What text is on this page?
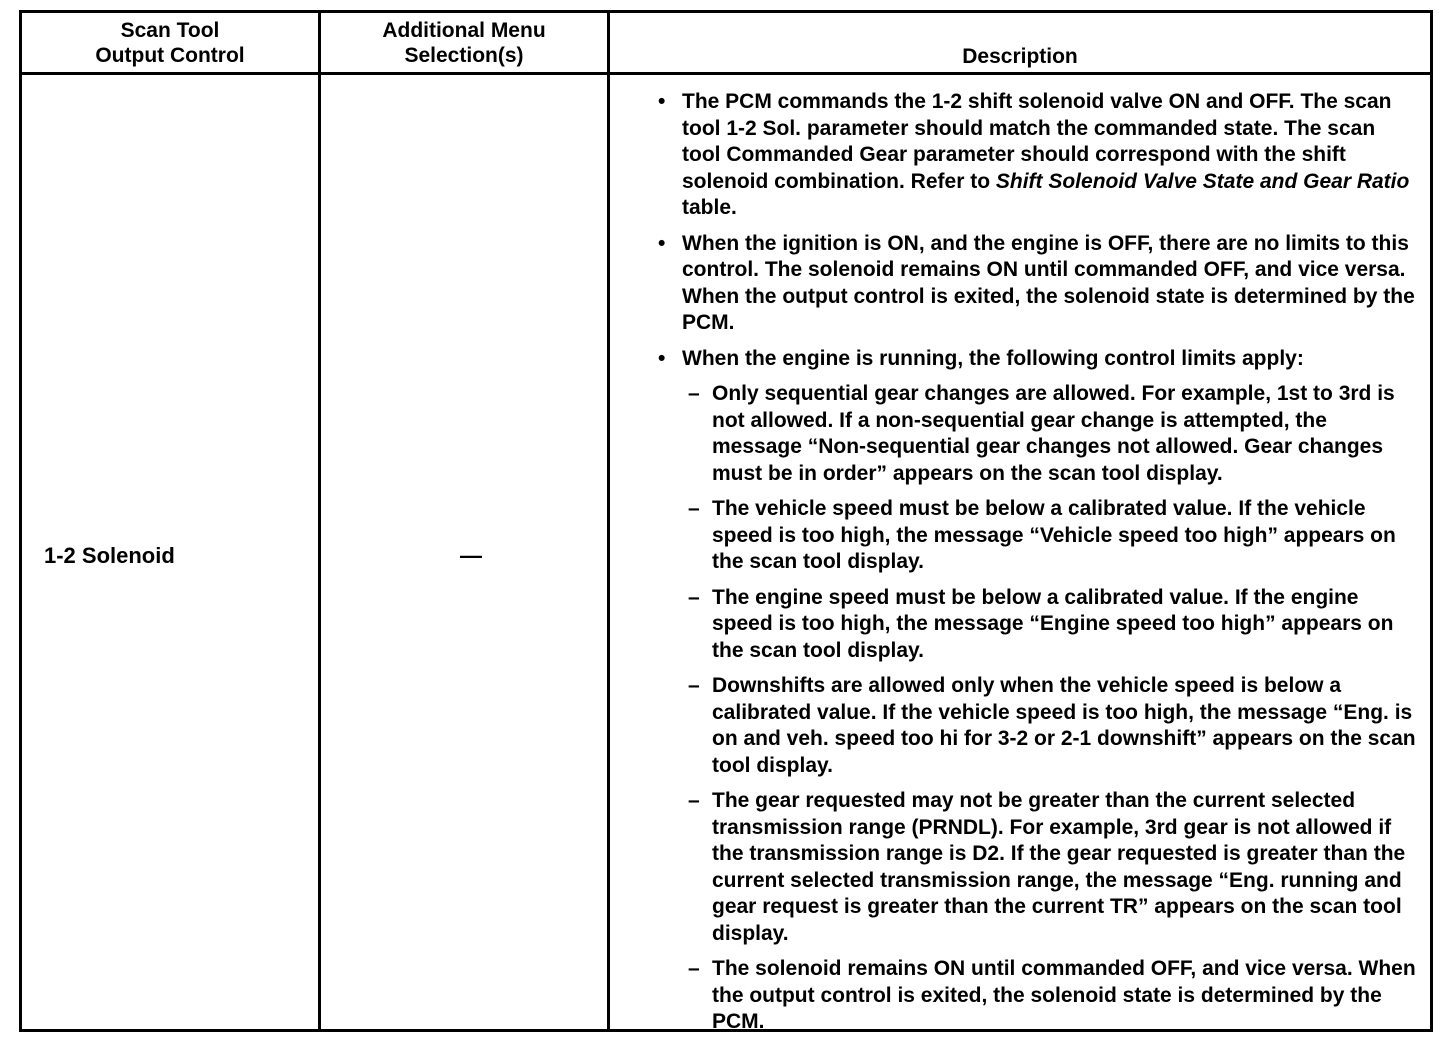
Scan Tool
Output Control
Additional Menu
Selection(s)	Description
1-2 Solenoid	—
• The PCM commands the 1-2 shift solenoid valve ON and OFF. The scan tool 1-2 Sol. parameter should match the commanded state. The scan tool Commanded Gear parameter should correspond with the shift solenoid combination. Refer to Shift Solenoid Valve State and Gear Ratio table.
• When the ignition is ON, and the engine is OFF, there are no limits to this control. The solenoid remains ON until commanded OFF, and vice versa. When the output control is exited, the solenoid state is determined by the PCM.
• When the engine is running, the following control limits apply:
– Only sequential gear changes are allowed. For example, 1st to 3rd is not allowed. If a non-sequential gear change is attempted, the message “Non-sequential gear changes not allowed. Gear changes must be in order” appears on the scan tool display.
– The vehicle speed must be below a calibrated value. If the vehicle speed is too high, the message “Vehicle speed too high” appears on the scan tool display.
– The engine speed must be below a calibrated value. If the engine speed is too high, the message “Engine speed too high” appears on the scan tool display.
– Downshifts are allowed only when the vehicle speed is below a calibrated value. If the vehicle speed is too high, the message “Eng. is on and veh. speed too hi for 3-2 or 2-1 downshift” appears on the scan tool display.
– The gear requested may not be greater than the current selected transmission range (PRNDL). For example, 3rd gear is not allowed if the transmission range is D2. If the gear requested is greater than the current selected transmission range, the message “Eng. running and gear request is greater than the current TR” appears on the scan tool display.
– The solenoid remains ON until commanded OFF, and vice versa. When the output control is exited, the solenoid state is determined by the PCM.
